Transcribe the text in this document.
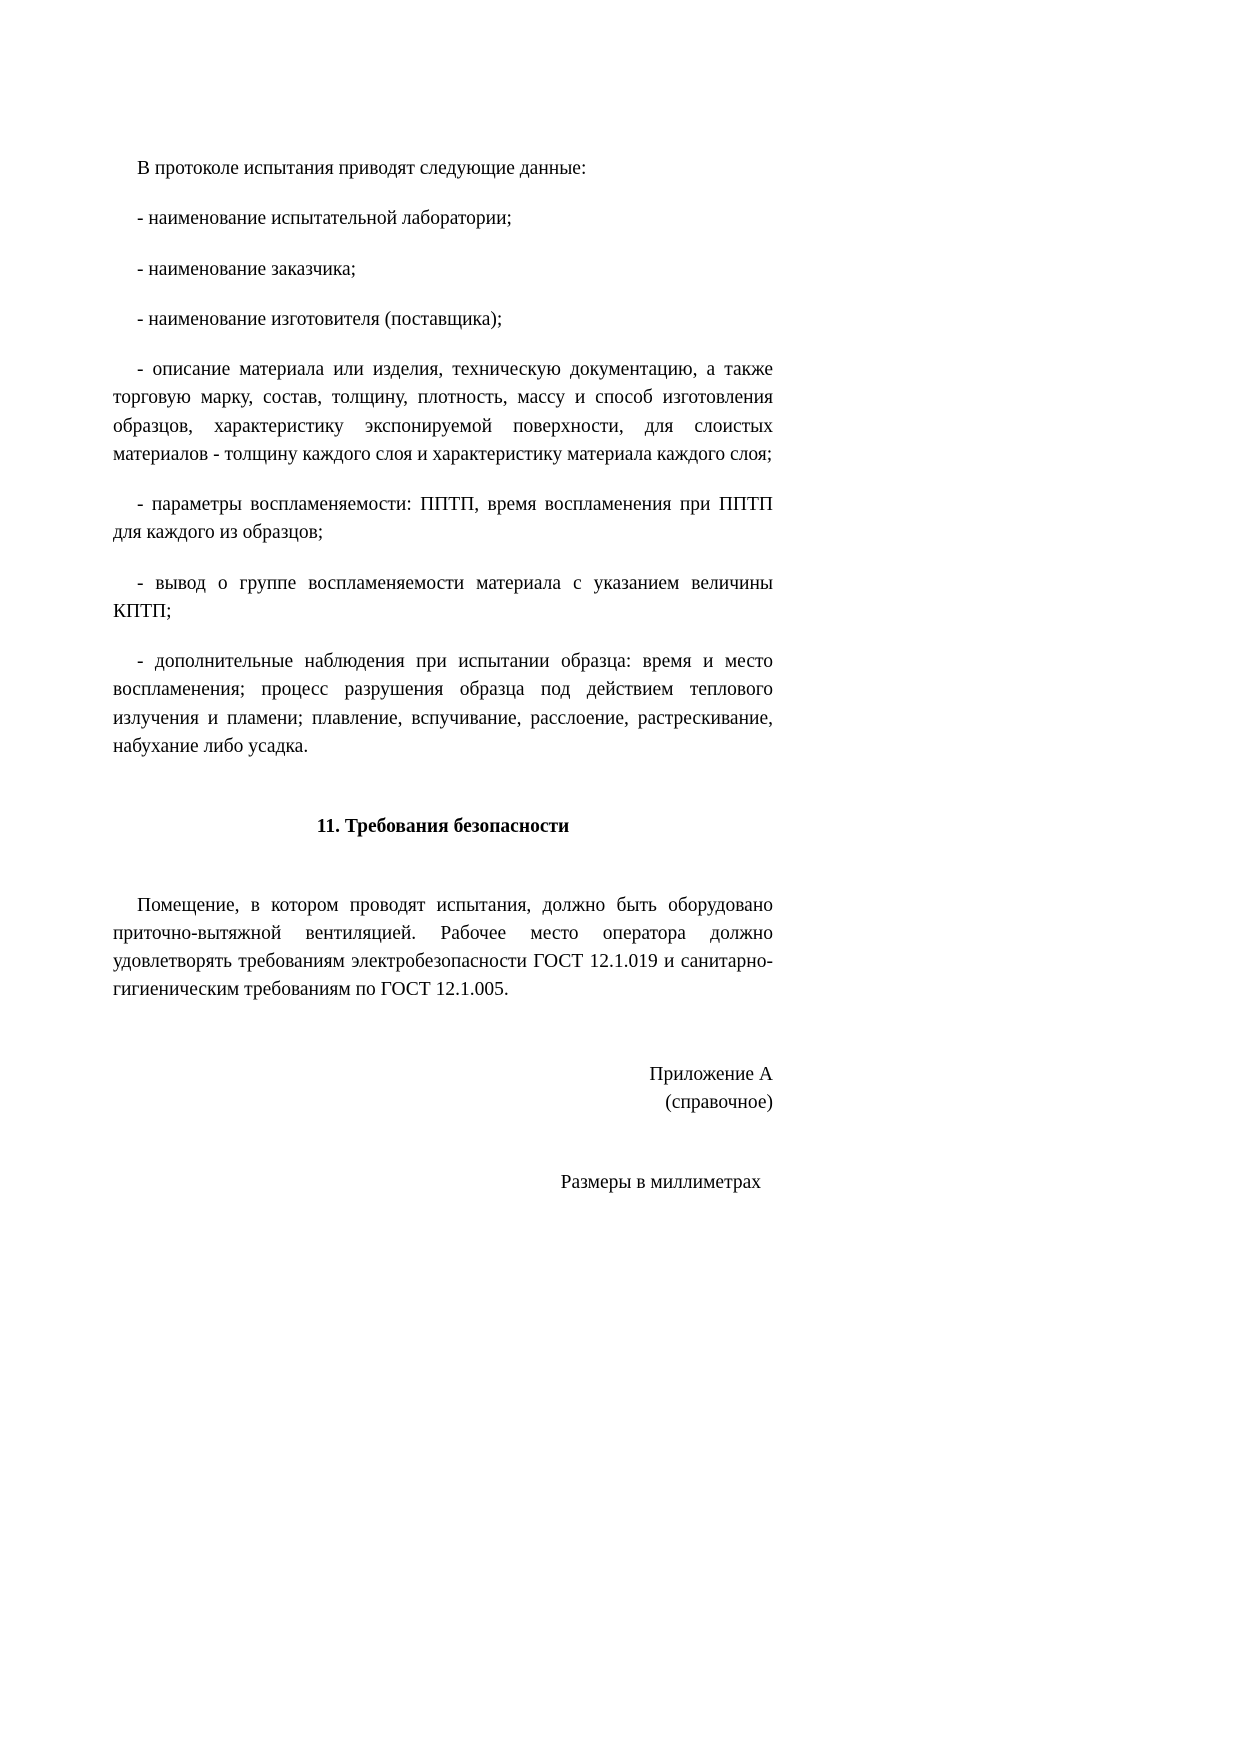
В протоколе испытания приводят следующие данные:

- наименование испытательной лаборатории;

- наименование заказчика;

- наименование изготовителя (поставщика);

- описание материала или изделия, техническую документацию, а также торговую марку, состав, толщину, плотность, массу и способ изготовления образцов, характеристику экспонируемой поверхности, для слоистых материалов - толщину каждого слоя и характеристику материала каждого слоя;

- параметры воспламеняемости: ППТП, время воспламенения при ППТП для каждого из образцов;

- вывод о группе воспламеняемости материала с указанием величины КПТП;

- дополнительные наблюдения при испытании образца: время и место воспламенения; процесс разрушения образца под действием теплового излучения и пламени; плавление, вспучивание, расслоение, растрескивание, набухание либо усадка.

11. Требования безопасности

Помещение, в котором проводят испытания, должно быть оборудовано приточно-вытяжной вентиляцией. Рабочее место оператора должно удовлетворять требованиям электробезопасности ГОСТ 12.1.019 и санитарно-гигиеническим требованиям по ГОСТ 12.1.005.

Приложение А
(справочное)
Размеры в миллиметрах
